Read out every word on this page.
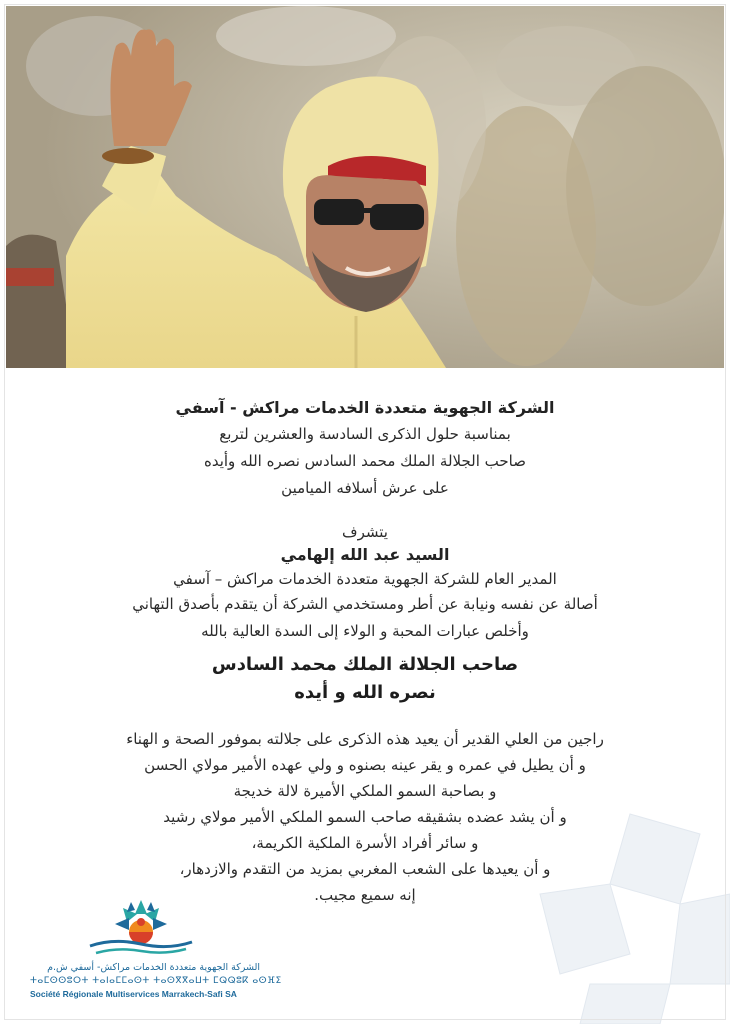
الشركة الجهوية متعددة الخدمات مراكش - آسفي
بمناسبة حلول الذكرى السادسة والعشرين لتربع
صاحب الجلالة الملك محمد السادس نصره الله وأيده
على عرش أسلافه الميامين
يتشرف
السيد عبد الله إلهامي
المدير العام للشركة الجهوية متعددة الخدمات مراكش – آسفي
أصالة عن نفسه ونيابة عن أطر ومستخدمي الشركة أن يتقدم بأصدق التهاني
وأخلص عبارات المحبة و الولاء إلى السدة العالية بالله
صاحب الجلالة الملك محمد السادس
نصره الله و أيده
راجين من العلي القدير أن يعيد هذه الذكرى على جلالته بموفور الصحة و الهناء
و أن يطيل في عمره و يقر عينه بصنوه و ولي عهده الأمير مولاي الحسن
و بصاحبة السمو الملكي الأميرة لالة خديجة
و أن يشد عضده بشقيقه صاحب السمو الملكي الأمير مولاي رشيد
و سائر أفراد الأسرة الملكية الكريمة،
و أن يعيدها على الشعب المغربي بمزيد من التقدم والازدهار،
إنه سميع مجيب.
الشركة الجهوية متعددة الخدمات مراكش- أسفي ش.م
ⵜⴰⵎⵙⵙⵓⵔⵜ ⵜⴰⵏⴰⵎⵎⴰⵙⵜ ⵜⴰⵙⴳⴳⴰⵡⵜ ⵎⵕⵕⵓⴽ ⴰⵙⴼⵉ
Société Régionale Multiservices Marrakech-Safi SA
